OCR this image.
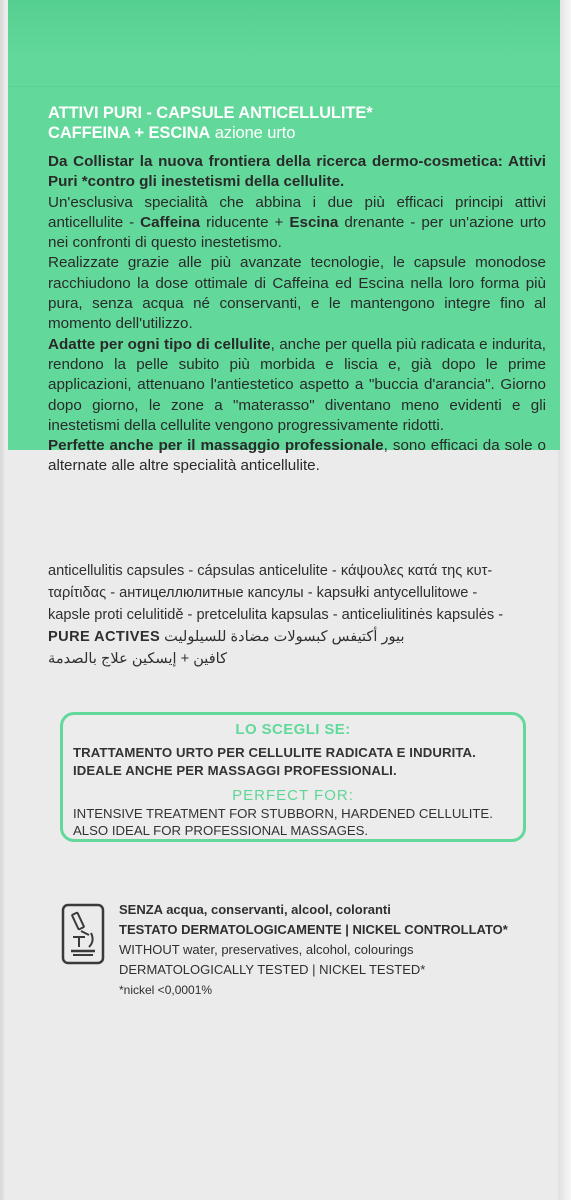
ATTIVI PURI - CAPSULE ANTICELLULITE*
CAFFEINA + ESCINA azione urto

Da Collistar la nuova frontiera della ricerca dermo-cosmetica: Attivi Puri *contro gli inestetismi della cellulite.

Un'esclusiva specialità che abbina i due più efficaci principi attivi anticellulite - Caffeina riducente + Escina drenante - per un'azione urto nei confronti di questo inestetismo.

Realizzate grazie alle più avanzate tecnologie, le capsule monodose racchiudono la dose ottimale di Caffeina ed Escina nella loro forma più pura, senza acqua né conservanti, e le mantengono integre fino al momento dell'utilizzo.

Adatte per ogni tipo di cellulite, anche per quella più radicata e indurita, rendono la pelle subito più morbida e liscia e, già dopo le prime applicazioni, attenuano l'antiestetico aspetto a "buccia d'arancia". Giorno dopo giorno, le zone a "materasso" diventano meno evidenti e gli inestetismi della cellulite vengono progressivamente ridotti.

Perfette anche per il massaggio professionale, sono efficaci da sole o alternate alle altre specialità anticellulite.

anticellulitis capsules - cápsulas anticelulite - κάψουλες κατά της κυτ-
ταρίτιδας - антицеллюлитные капсулы - kapsułki antycellulitowe -
kapsle proti celulitidě - pretcelulita kapsulas - anticeliulitinės kapsulės -
بيور أكتيفس كبسولات مضادة للسيلوليت PURE ACTIVES
كافين + إيسكين علاج بالصدمة
LO SCEGLI SE:
TRATTAMENTO URTO PER CELLULITE RADICATA E INDURITA.
IDEALE ANCHE PER MASSAGGI PROFESSIONALI.
PERFECT FOR:
INTENSIVE TREATMENT FOR STUBBORN, HARDENED CELLULITE.
ALSO IDEAL FOR PROFESSIONAL MASSAGES.
SENZA acqua, conservanti, alcool, coloranti
TESTATO DERMATOLOGICAMENTE | NICKEL CONTROLLATO*
WITHOUT water, preservatives, alcohol, colourings
DERMATOLOGICALLY TESTED | NICKEL TESTED*
*nickel <0,0001%
